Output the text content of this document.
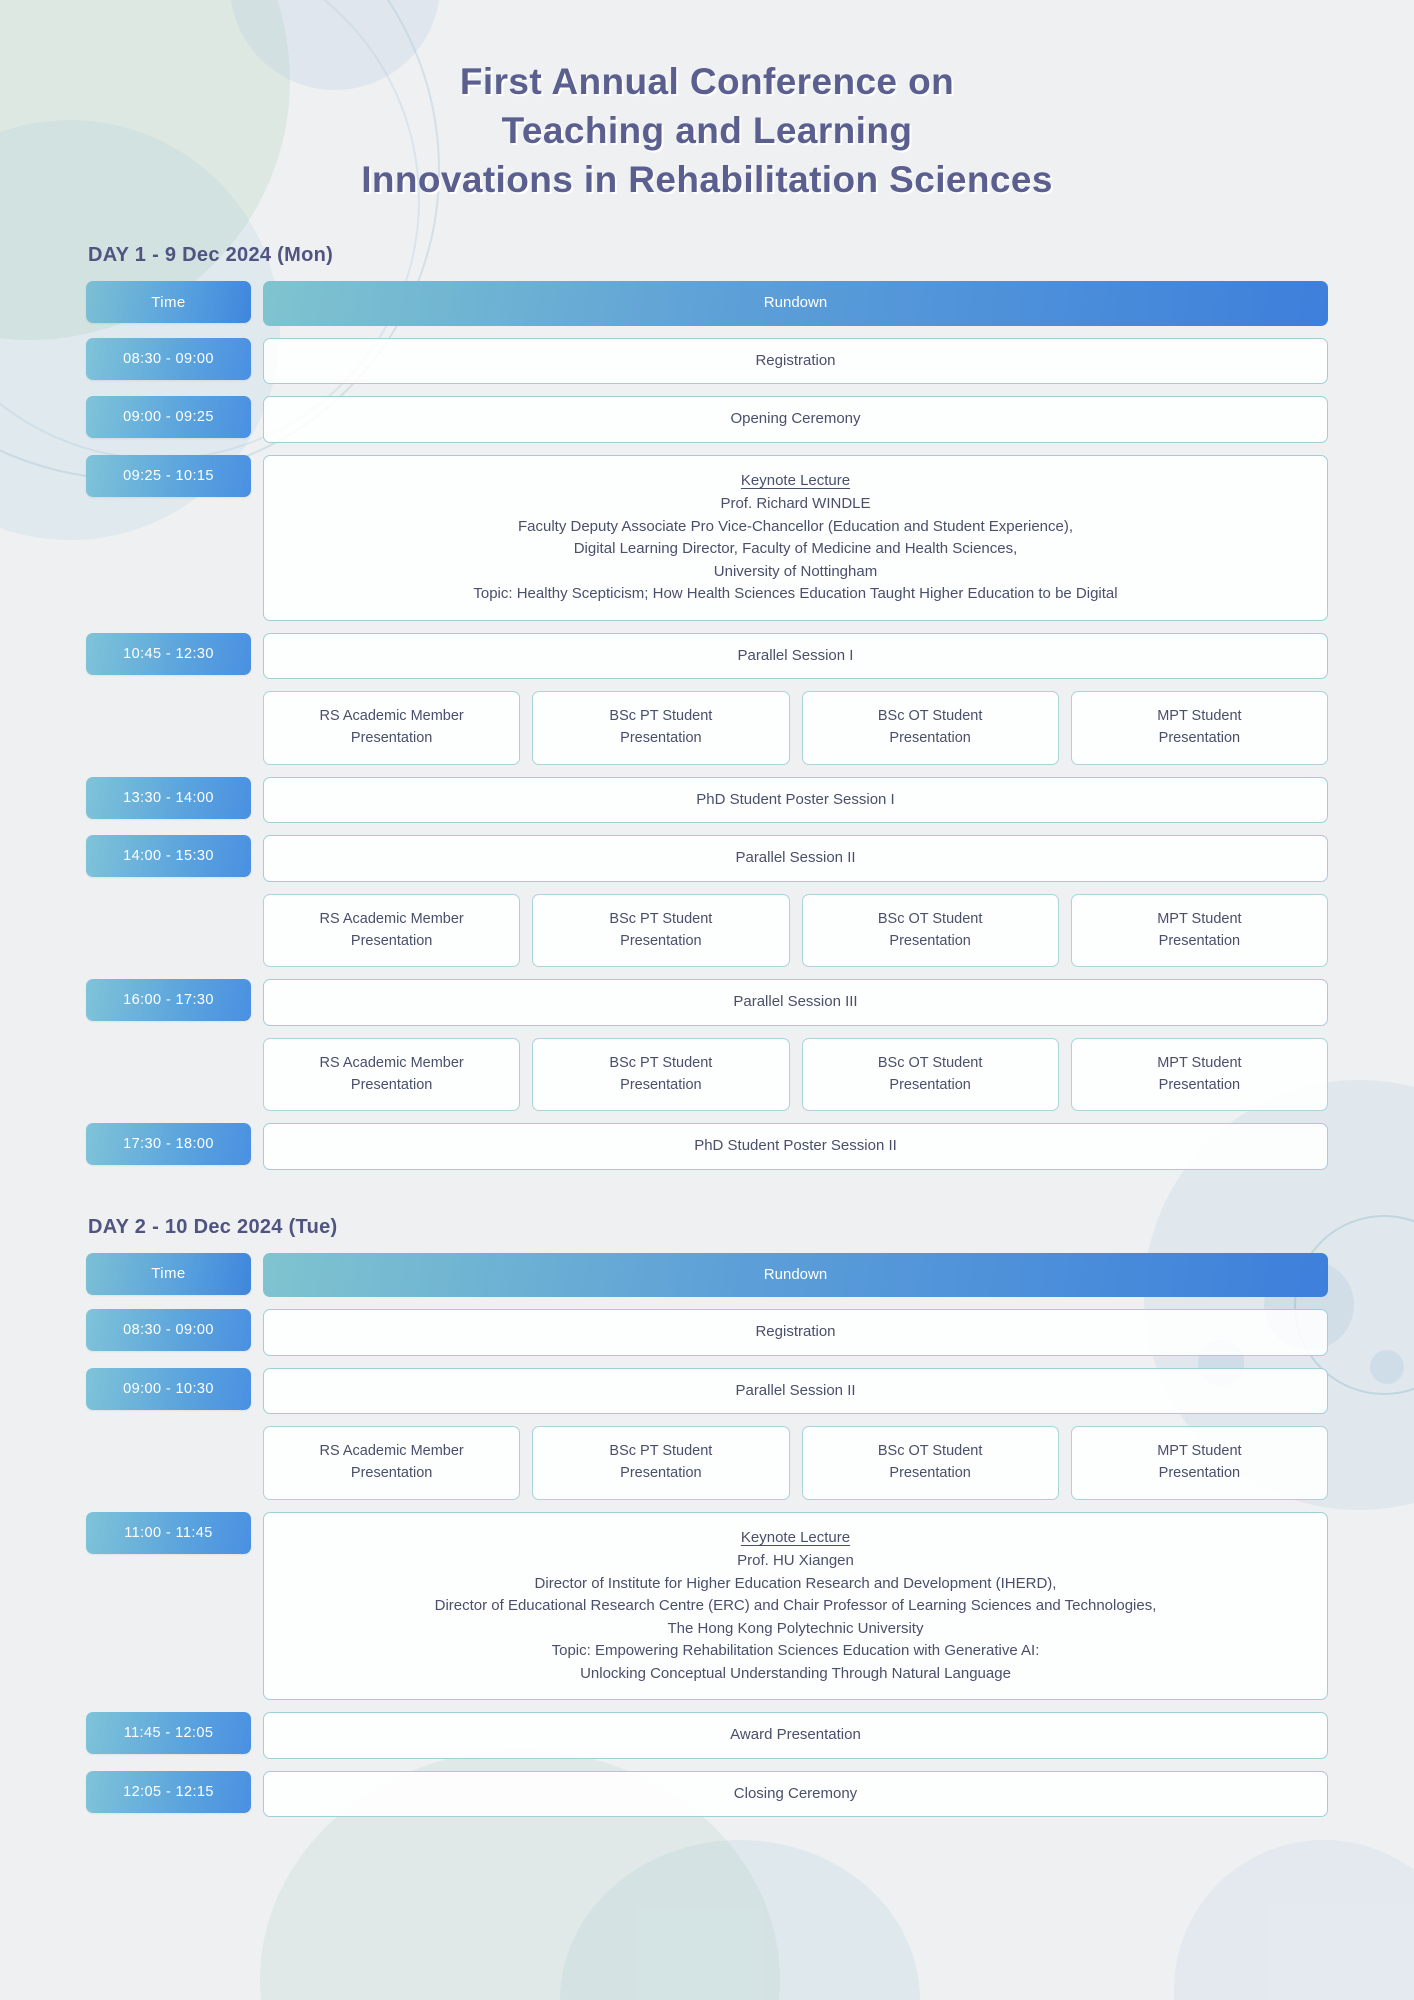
First Annual Conference on
Teaching and Learning
Innovations in Rehabilitation Sciences
DAY 1 - 9 Dec 2024 (Mon)
Time	Rundown
08:30 - 09:00	Registration
09:00 - 09:25	Opening Ceremony
09:25 - 10:15	Keynote Lecture
Prof. Richard WINDLE
Faculty Deputy Associate Pro Vice-Chancellor (Education and Student Experience),
Digital Learning Director, Faculty of Medicine and Health Sciences,
University of Nottingham
Topic: Healthy Scepticism; How Health Sciences Education Taught Higher Education to be Digital
10:45 - 12:30	Parallel Session I
RS Academic Member
Presentation
BSc PT Student
Presentation
BSc OT Student
Presentation
MPT Student
Presentation
13:30 - 14:00	PhD Student Poster Session I
14:00 - 15:30	Parallel Session II
RS Academic Member
Presentation
BSc PT Student
Presentation
BSc OT Student
Presentation
MPT Student
Presentation
16:00 - 17:30	Parallel Session III
RS Academic Member
Presentation
BSc PT Student
Presentation
BSc OT Student
Presentation
MPT Student
Presentation
17:30 - 18:00	PhD Student Poster Session II
DAY 2 - 10 Dec 2024 (Tue)
Time	Rundown
08:30 - 09:00	Registration
09:00 - 10:30	Parallel Session II
RS Academic Member
Presentation
BSc PT Student
Presentation
BSc OT Student
Presentation
MPT Student
Presentation
11:00 - 11:45	Keynote Lecture
Prof. HU Xiangen
Director of Institute for Higher Education Research and Development (IHERD),
Director of Educational Research Centre (ERC) and Chair Professor of Learning Sciences and Technologies,
The Hong Kong Polytechnic University
Topic: Empowering Rehabilitation Sciences Education with Generative AI:
Unlocking Conceptual Understanding Through Natural Language
11:45 - 12:05	Award Presentation
12:05 - 12:15	Closing Ceremony
